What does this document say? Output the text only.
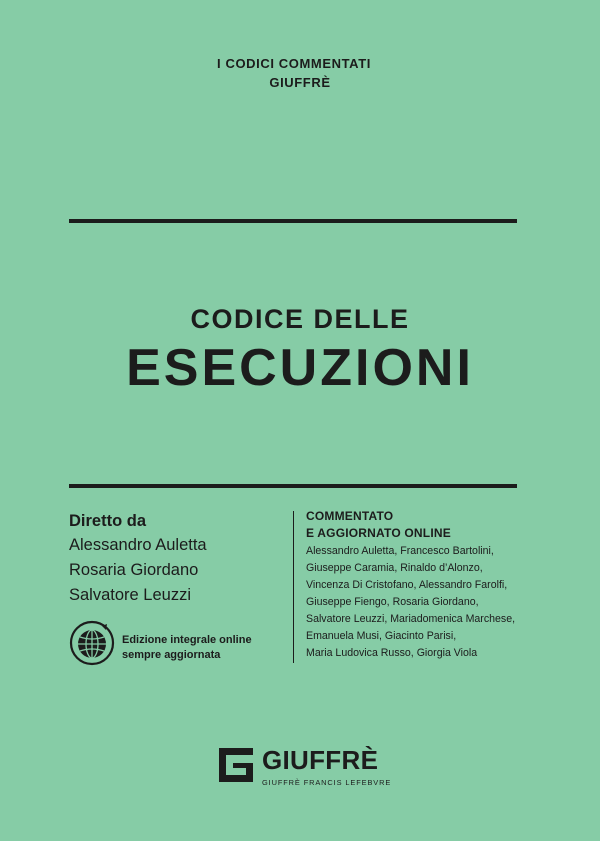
I CODICI COMMENTATI
GIUFFRÈ
CODICE DELLE
ESECUZIONI
Diretto da
Alessandro Auletta
Rosaria Giordano
Salvatore Leuzzi
COMMENTATO
E AGGIORNATO ONLINE
Alessandro Auletta, Francesco Bartolini,
Giuseppe Caramia, Rinaldo d’Alonzo,
Vincenza Di Cristofano, Alessandro Farolfi,
Giuseppe Fiengo, Rosaria Giordano,
Salvatore Leuzzi, Mariadomenica Marchese,
Emanuela Musi, Giacinto Parisi,
Maria Ludovica Russo, Giorgia Viola
Edizione integrale online
sempre aggiornata
GIUFFRÈ
GIUFFRÈ FRANCIS LEFEBVRE
